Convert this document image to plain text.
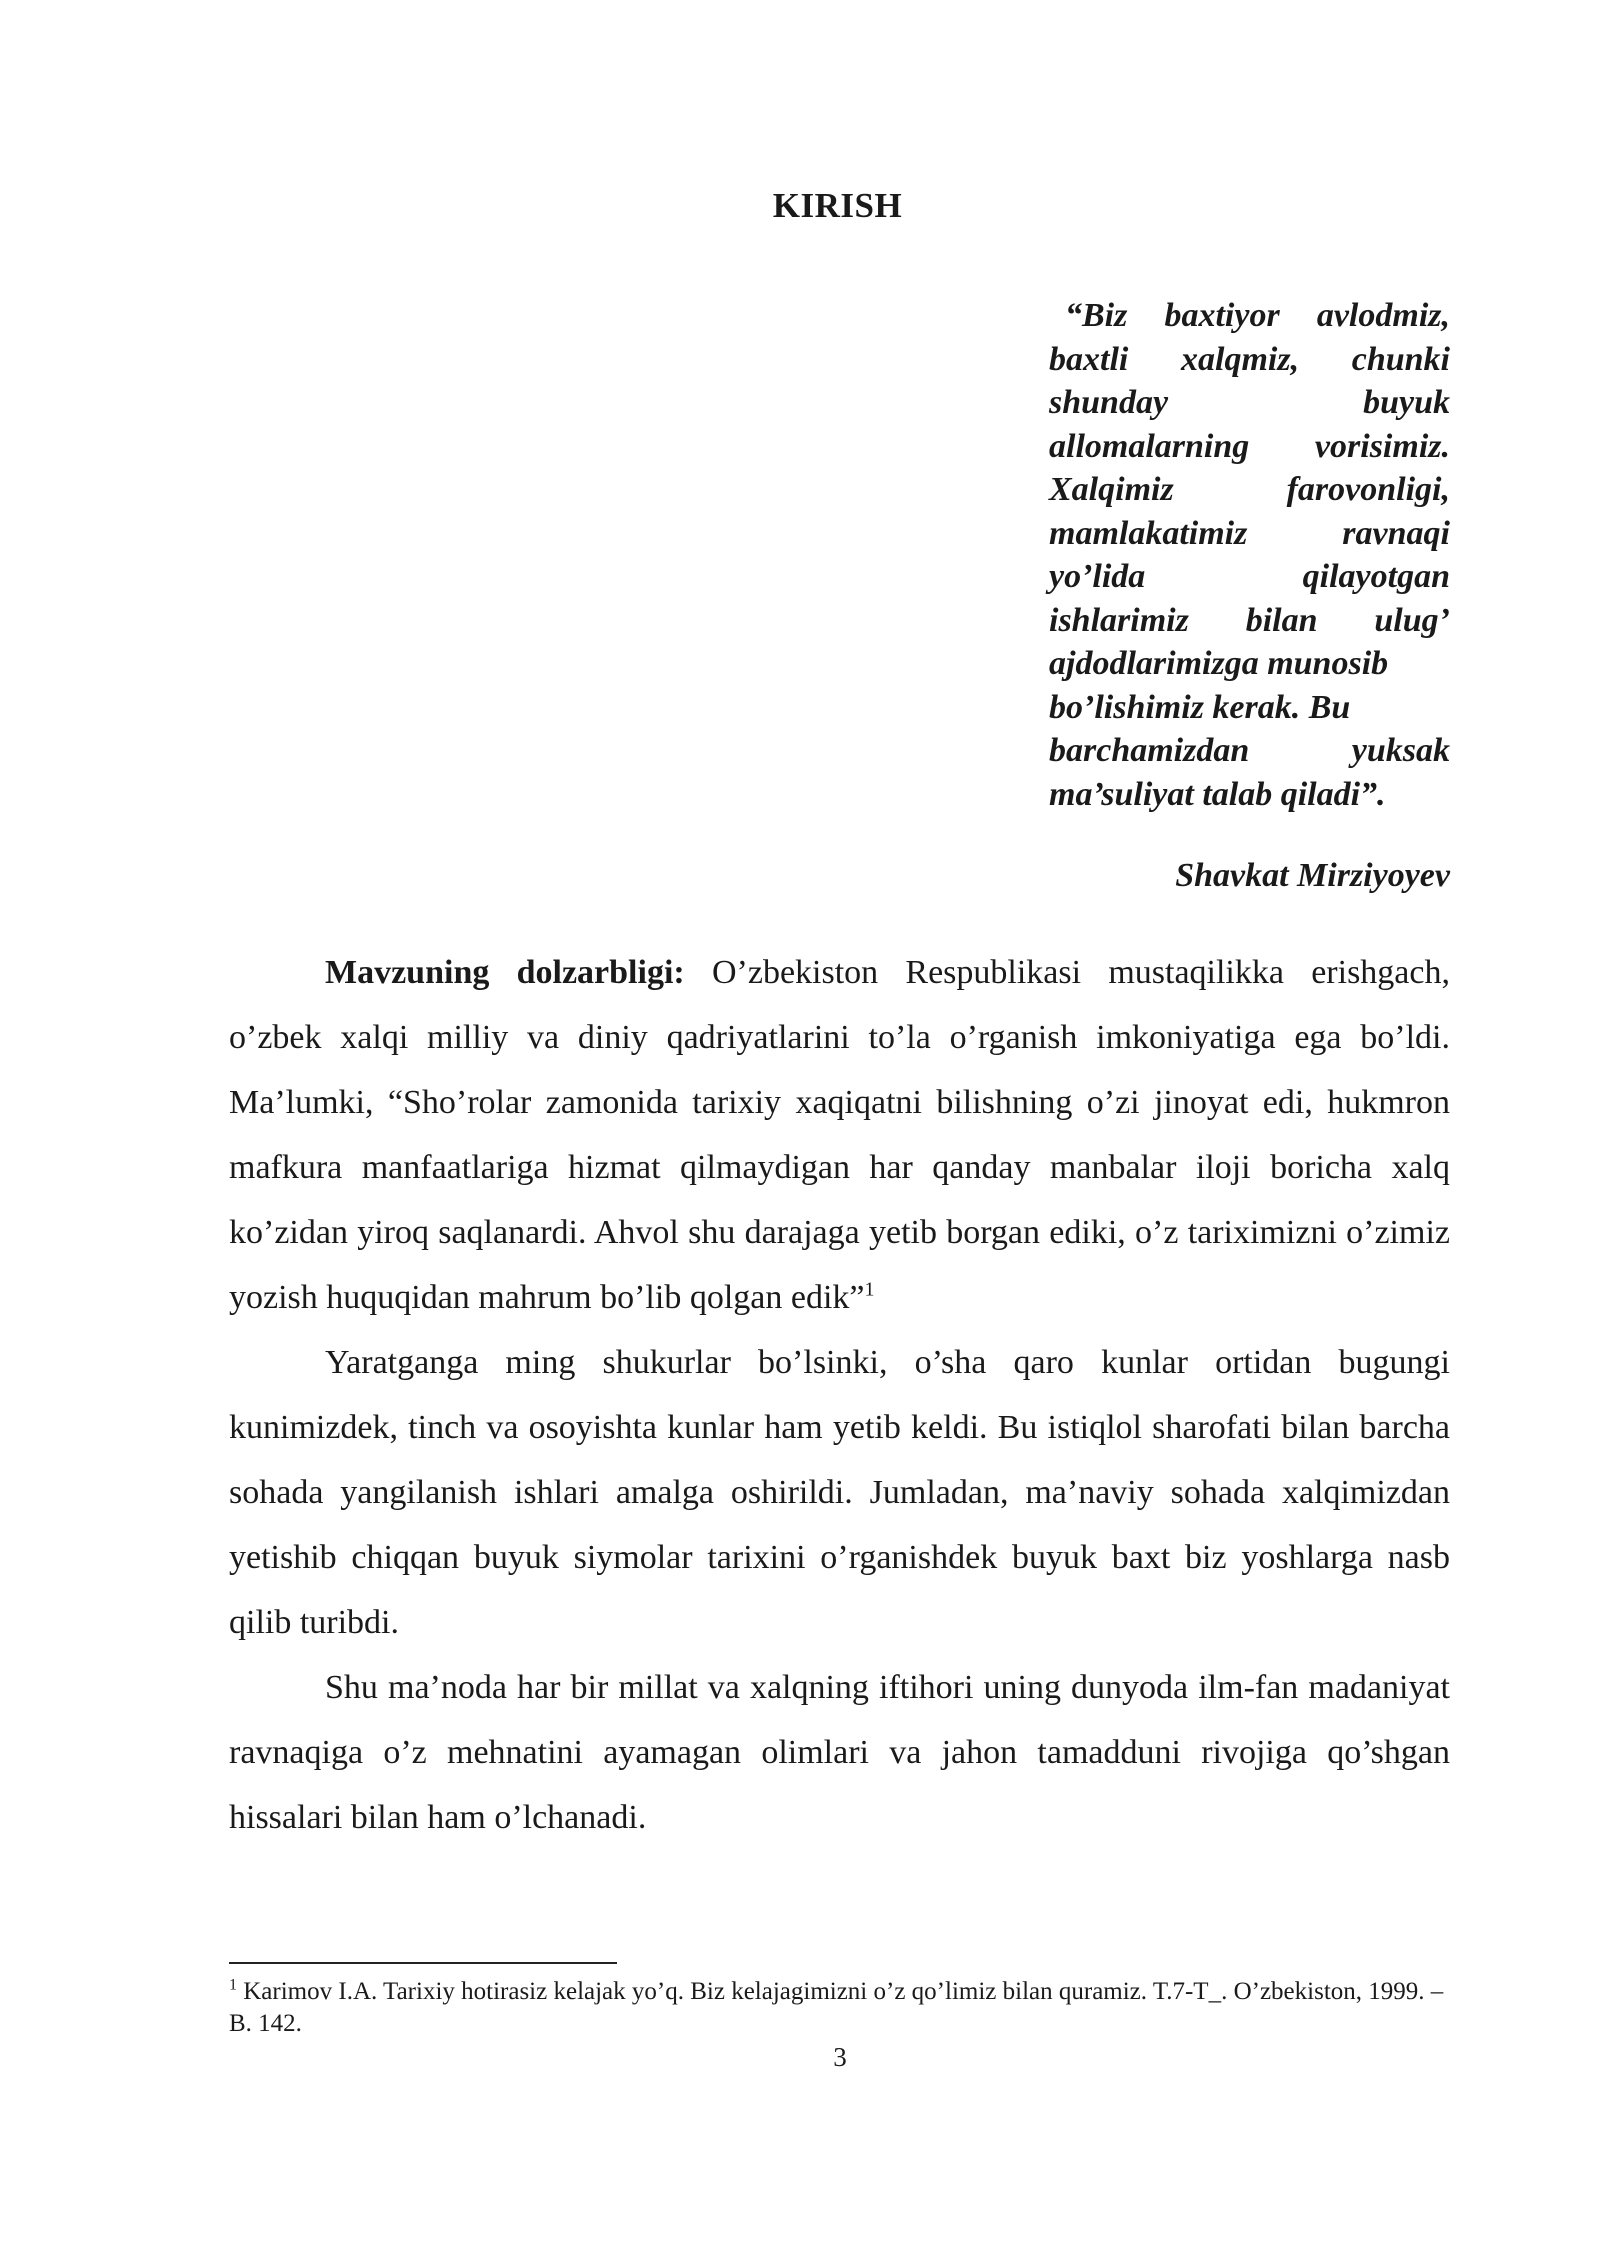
KIRISH
“Biz baxtiyor avlodmiz,
baxtli xalqmiz, chunki
shunday buyuk
allomalarning vorisimiz.
Xalqimiz farovonligi,
mamlakatimiz ravnaqi
yo’lida qilayotgan
ishlarimiz bilan ulug’
ajdodlarimizga munosib
bo’lishimiz kerak. Bu
barchamizdan yuksak
ma’suliyat talab qiladi”.
Shavkat Mirziyoyev

Mavzuning dolzarbligi: O’zbekiston Respublikasi mustaqilikka erishgach, o’zbek xalqi milliy va diniy qadriyatlarini to’la o’rganish imkoniyatiga ega bo’ldi. Ma’lumki, “Sho’rolar zamonida tarixiy xaqiqatni bilishning o’zi jinoyat edi, hukmron mafkura manfaatlariga hizmat qilmaydigan har qanday manbalar iloji boricha xalq ko’zidan yiroq saqlanardi. Ahvol shu darajaga yetib borgan ediki, o’z tariximizni o’zimiz yozish huquqidan mahrum bo’lib qolgan edik”$^1$

Yaratganga ming shukurlar bo’lsinki, o’sha qaro kunlar ortidan bugungi kunimizdek, tinch va osoyishta kunlar ham yetib keldi. Bu istiqlol sharofati bilan barcha sohada yangilanish ishlari amalga oshirildi. Jumladan, ma’naviy sohada xalqimizdan yetishib chiqqan buyuk siymolar tarixini o’rganishdek buyuk baxt biz yoshlarga nasb qilib turibdi.

Shu ma’noda har bir millat va xalqning iftihori uning dunyoda ilm-fan madaniyat ravnaqiga o’z mehnatini ayamagan olimlari va jahon tamadduni rivojiga qo’shgan hissalari bilan ham o’lchanadi.

$^1$ Karimov I.A. Tarixiy hotirasiz kelajak yo’q. Biz kelajagimizni o’z qo’limiz bilan quramiz. T.7-T_. O’zbekiston, 1999. –B. 142.
3
